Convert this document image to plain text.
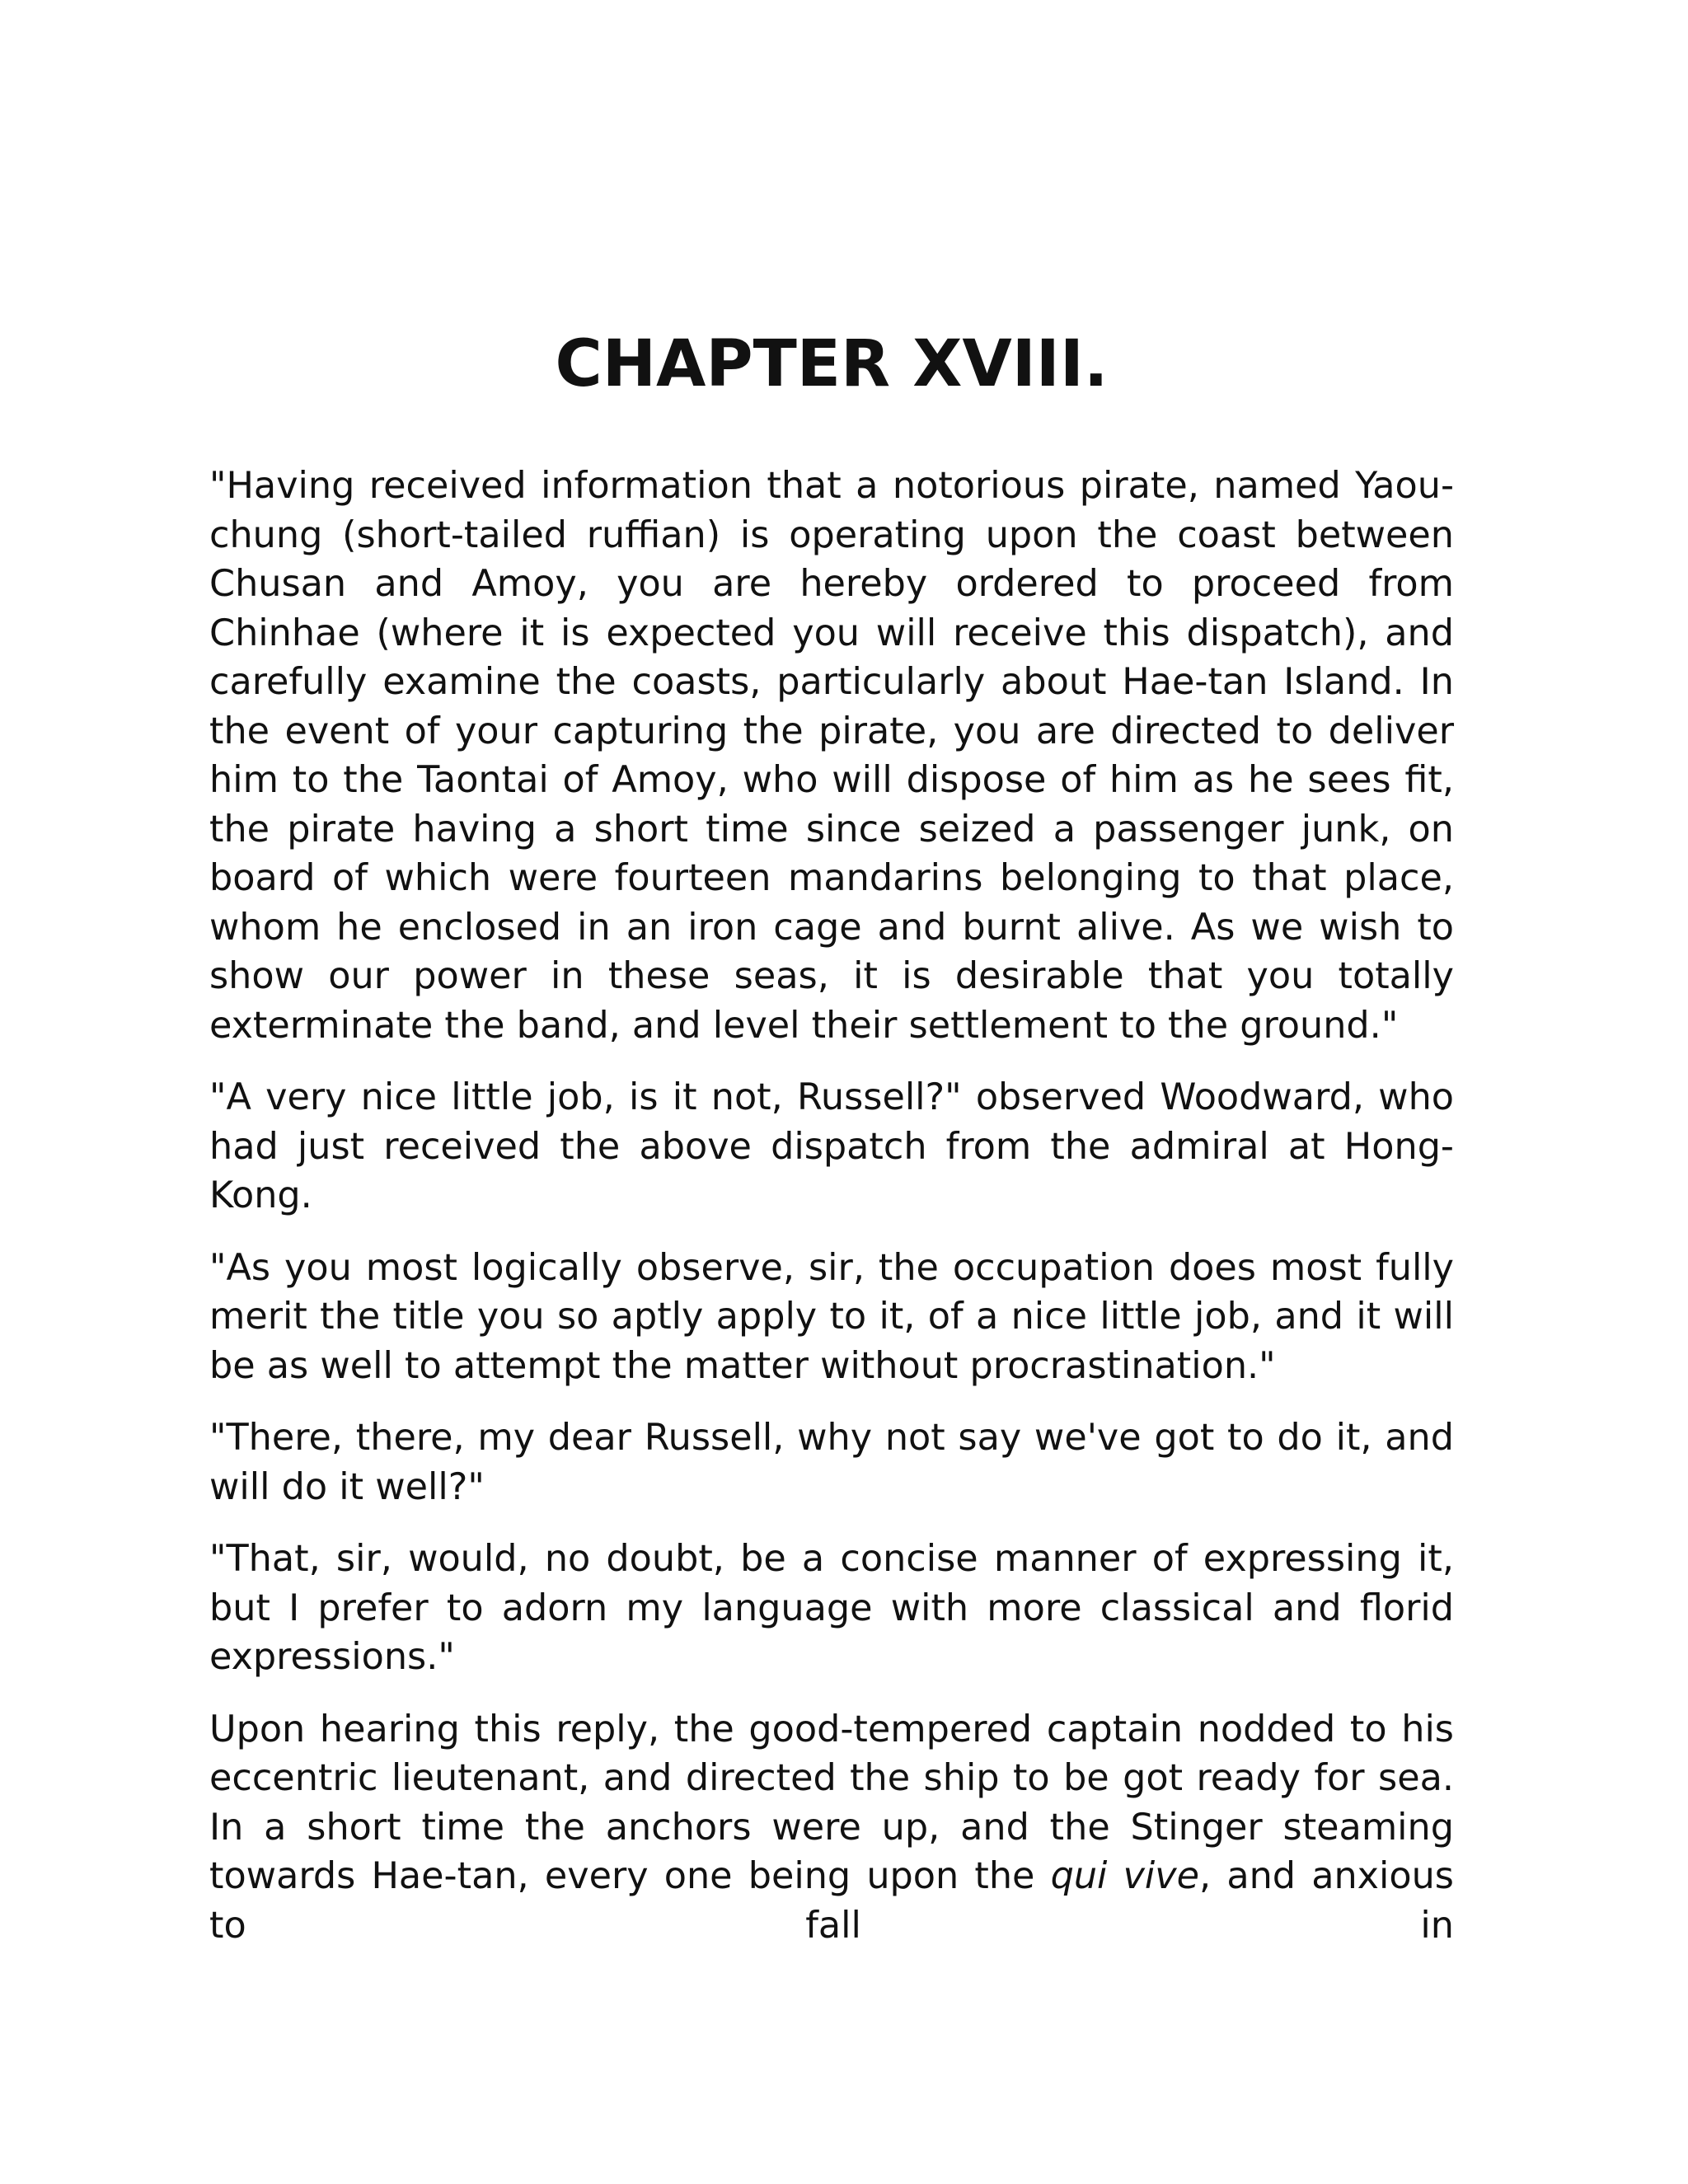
CHAPTER XVIII.

"Having received information that a notorious pirate, named Yaou-chung (short-tailed ruffian) is operating upon the coast between Chusan and Amoy, you are hereby ordered to proceed from Chinhae (where it is expected you will receive this dispatch), and carefully examine the coasts, particularly about Hae-tan Island. In the event of your capturing the pirate, you are directed to deliver him to the Taontai of Amoy, who will dispose of him as he sees fit, the pirate having a short time since seized a passenger junk, on board of which were fourteen mandarins belonging to that place, whom he enclosed in an iron cage and burnt alive. As we wish to show our power in these seas, it is desirable that you totally exterminate the band, and level their settlement to the ground."

"A very nice little job, is it not, Russell?" observed Woodward, who had just received the above dispatch from the admiral at Hong-Kong.

"As you most logically observe, sir, the occupation does most fully merit the title you so aptly apply to it, of a nice little job, and it will be as well to attempt the matter without procrastination."

"There, there, my dear Russell, why not say we've got to do it, and will do it well?"

"That, sir, would, no doubt, be a concise manner of expressing it, but I prefer to adorn my language with more classical and florid expressions."

Upon hearing this reply, the good-tempered captain nodded to his eccentric lieutenant, and directed the ship to be got ready for sea. In a short time the anchors were up, and the Stinger steaming towards Hae-tan, every one being upon the qui vive, and anxious to fall in
